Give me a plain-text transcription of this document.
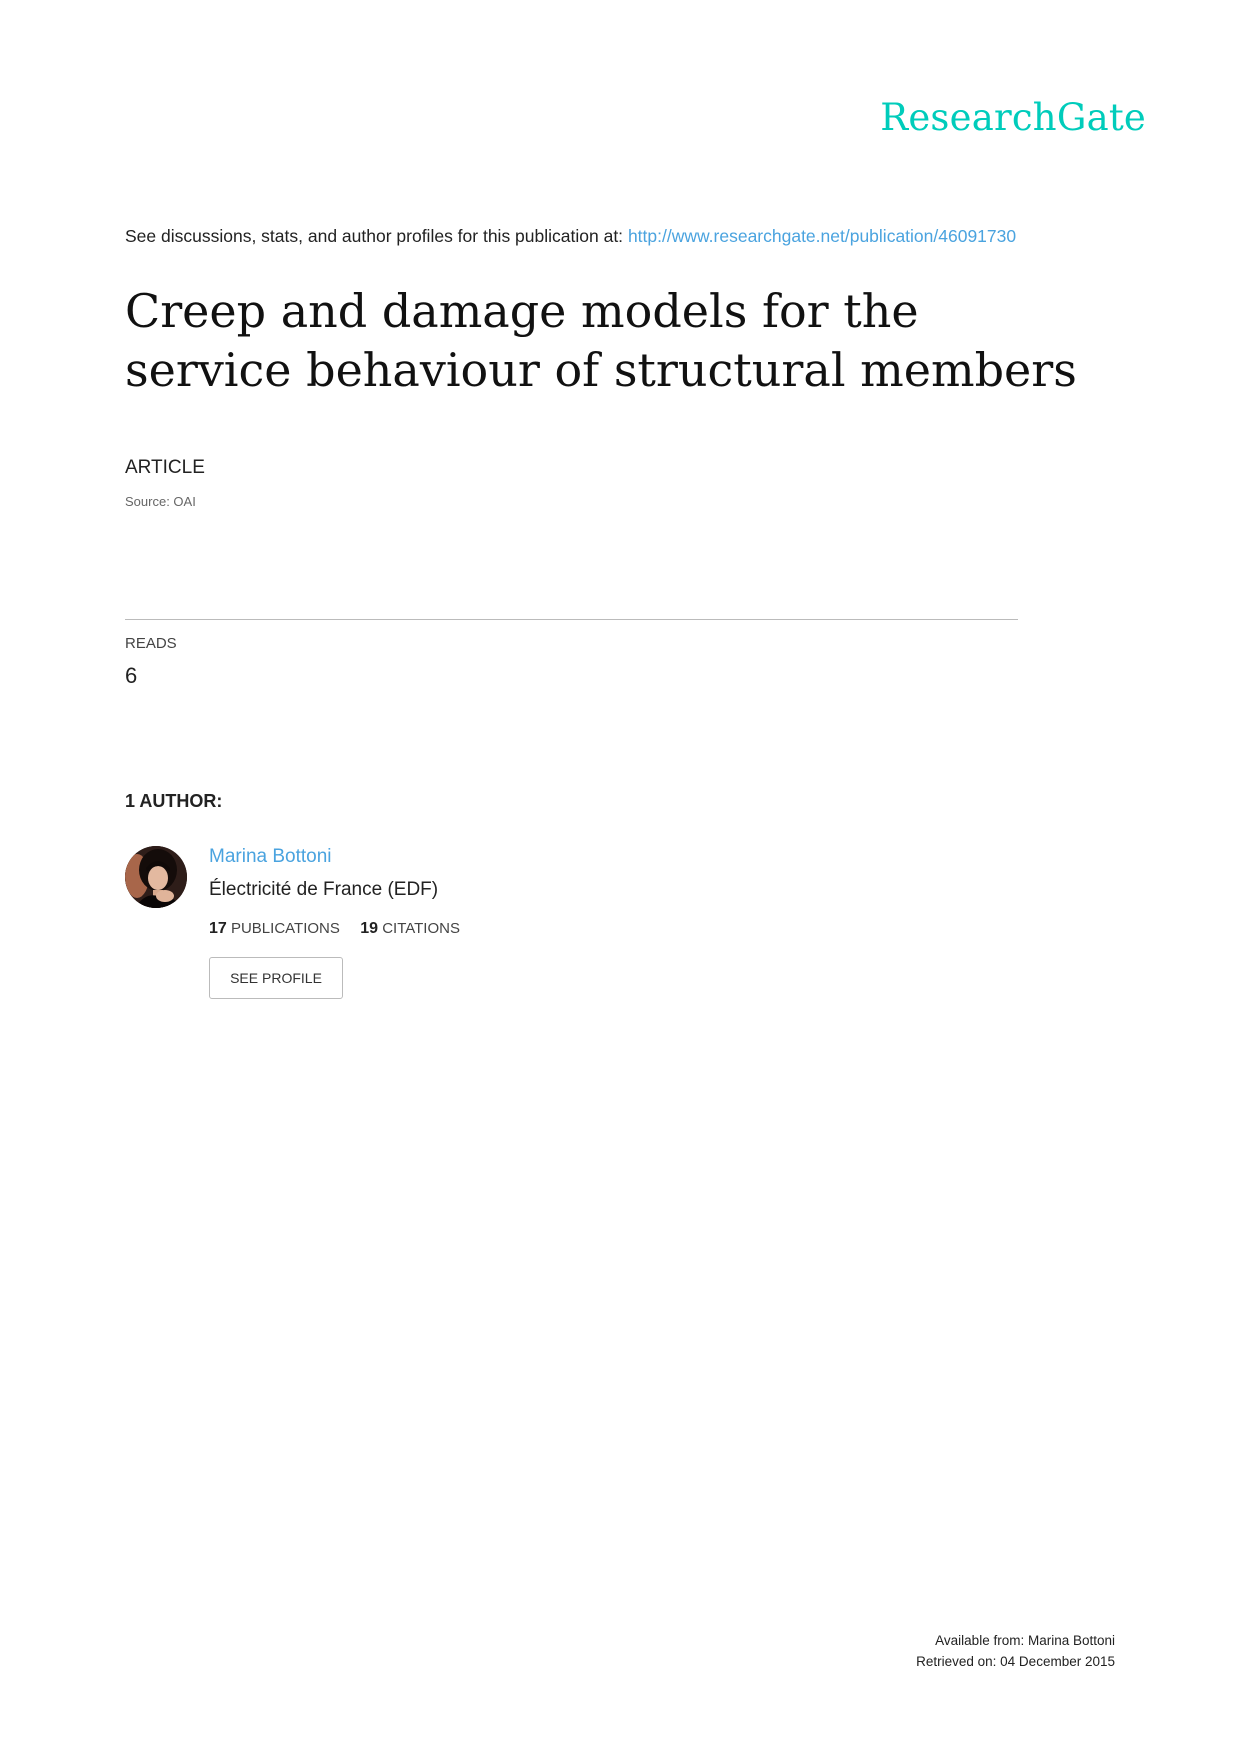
ResearchGate
See discussions, stats, and author profiles for this publication at: http://www.researchgate.net/publication/46091730
Creep and damage models for the service behaviour of structural members
ARTICLE
Source: OAI
READS
6
1 AUTHOR:
Marina Bottoni
Électricité de France (EDF)
17 PUBLICATIONS 19 CITATIONS
SEE PROFILE
Available from: Marina Bottoni
Retrieved on: 04 December 2015
